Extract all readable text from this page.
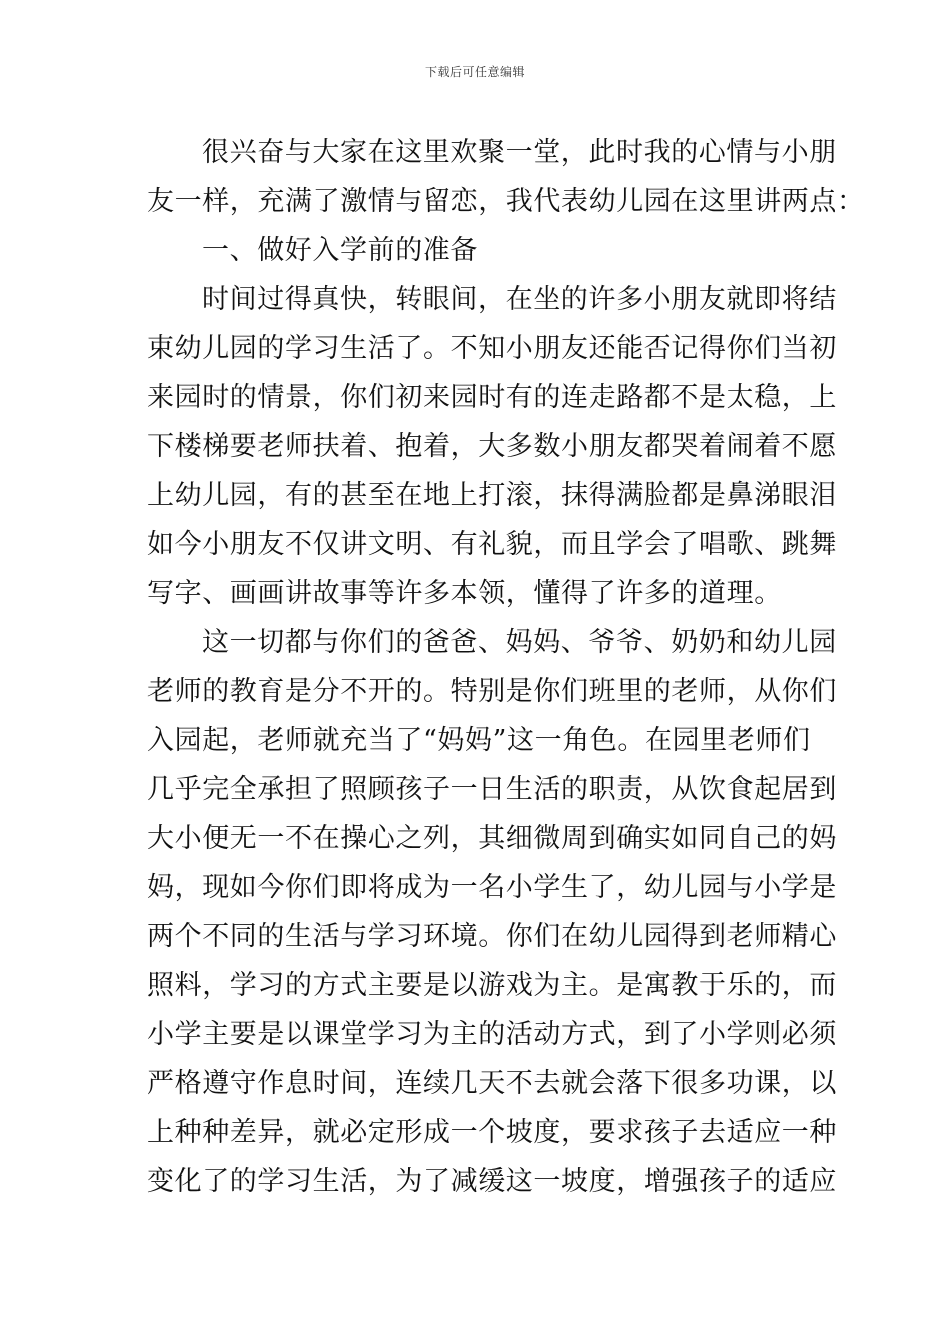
下载后可任意编辑
很兴奋与大家在这里欢聚一堂，此时我的心情与小朋
友一样，充满了激情与留恋，我代表幼儿园在这里讲两点：
一、做好入学前的准备
时间过得真快，转眼间，在坐的许多小朋友就即将结
束幼儿园的学习生活了。不知小朋友还能否记得你们当初
来园时的情景，你们初来园时有的连走路都不是太稳，上
下楼梯要老师扶着、抱着，大多数小朋友都哭着闹着不愿
上幼儿园，有的甚至在地上打滚，抹得满脸都是鼻涕眼泪
如今小朋友不仅讲文明、有礼貌，而且学会了唱歌、跳舞
写字、画画讲故事等许多本领，懂得了许多的道理。
这一切都与你们的爸爸、妈妈、爷爷、奶奶和幼儿园
老师的教育是分不开的。特别是你们班里的老师，从你们
入园起，老师就充当了“妈妈”这一角色。在园里老师们
几乎完全承担了照顾孩子一日生活的职责，从饮食起居到
大小便无一不在操心之列，其细微周到确实如同自己的妈
妈，现如今你们即将成为一名小学生了，幼儿园与小学是
两个不同的生活与学习环境。你们在幼儿园得到老师精心
照料，学习的方式主要是以游戏为主。是寓教于乐的，而
小学主要是以课堂学习为主的活动方式，到了小学则必须
严格遵守作息时间，连续几天不去就会落下很多功课，以
上种种差异，就必定形成一个坡度，要求孩子去适应一种
变化了的学习生活，为了减缓这一坡度，增强孩子的适应
